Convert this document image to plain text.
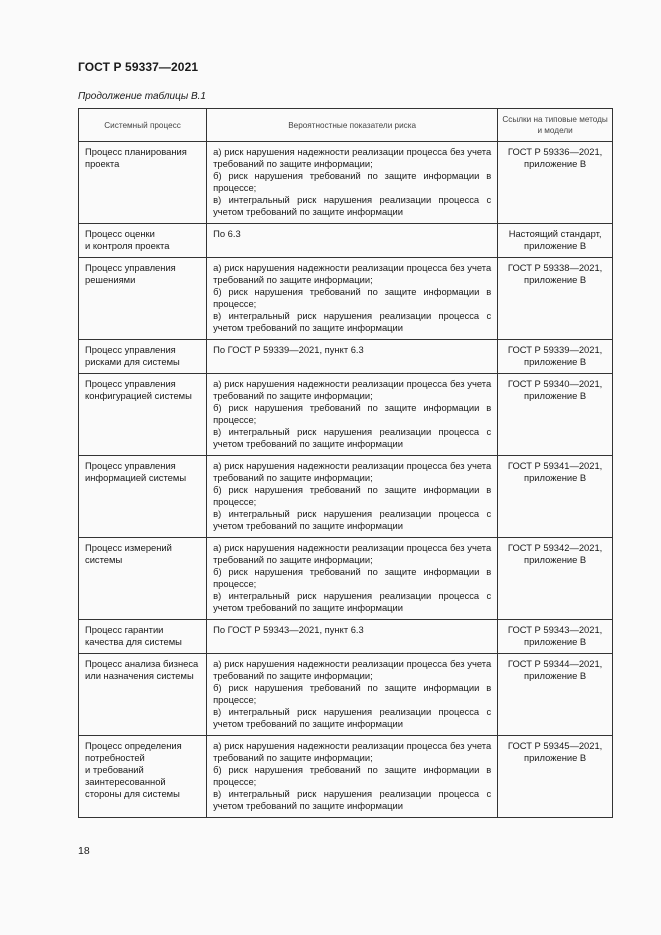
ГОСТ Р 59337—2021
Продолжение таблицы В.1
Системный процесс	Вероятностные показатели риска	Ссылки на типовые методы и модели
Процесс планирования проекта	а) риск нарушения надежности реализации процесса без учета требований по защите информации;
б) риск нарушения требований по защите информации в процессе;
в) интегральный риск нарушения реализации процесса с учетом требований по защите информации	ГОСТ Р 59336—2021, приложение В
Процесс оценки
и контроля проекта	По 6.3	Настоящий стандарт, приложение В
Процесс управления решениями	а) риск нарушения надежности реализации процесса без учета требований по защите информации;
б) риск нарушения требований по защите информации в процессе;
в) интегральный риск нарушения реализации процесса с учетом требований по защите информации	ГОСТ Р 59338—2021, приложение В
Процесс управления рисками для системы	По ГОСТ Р 59339—2021, пункт 6.3	ГОСТ Р 59339—2021, приложение В
Процесс управления конфигурацией системы	а) риск нарушения надежности реализации процесса без учета требований по защите информации;
б) риск нарушения требований по защите информации в процессе;
в) интегральный риск нарушения реализации процесса с учетом требований по защите информации	ГОСТ Р 59340—2021, приложение В
Процесс управления информацией системы	а) риск нарушения надежности реализации процесса без учета требований по защите информации;
б) риск нарушения требований по защите информации в процессе;
в) интегральный риск нарушения реализации процесса с учетом требований по защите информации	ГОСТ Р 59341—2021, приложение В
Процесс измерений системы	а) риск нарушения надежности реализации процесса без учета требований по защите информации;
б) риск нарушения требований по защите информации в процессе;
в) интегральный риск нарушения реализации процесса с учетом требований по защите информации	ГОСТ Р 59342—2021, приложение В
Процесс гарантии качества для системы	По ГОСТ Р 59343—2021, пункт 6.3	ГОСТ Р 59343—2021, приложение В
Процесс анализа бизнеса или назначения системы	а) риск нарушения надежности реализации процесса без учета требований по защите информации;
б) риск нарушения требований по защите информации в процессе;
в) интегральный риск нарушения реализации процесса с учетом требований по защите информации	ГОСТ Р 59344—2021, приложение В
Процесс определения потребностей
и требований заинтересованной стороны для системы	а) риск нарушения надежности реализации процесса без учета требований по защите информации;
б) риск нарушения требований по защите информации в процессе;
в) интегральный риск нарушения реализации процесса с учетом требований по защите информации	ГОСТ Р 59345—2021, приложение В
18
